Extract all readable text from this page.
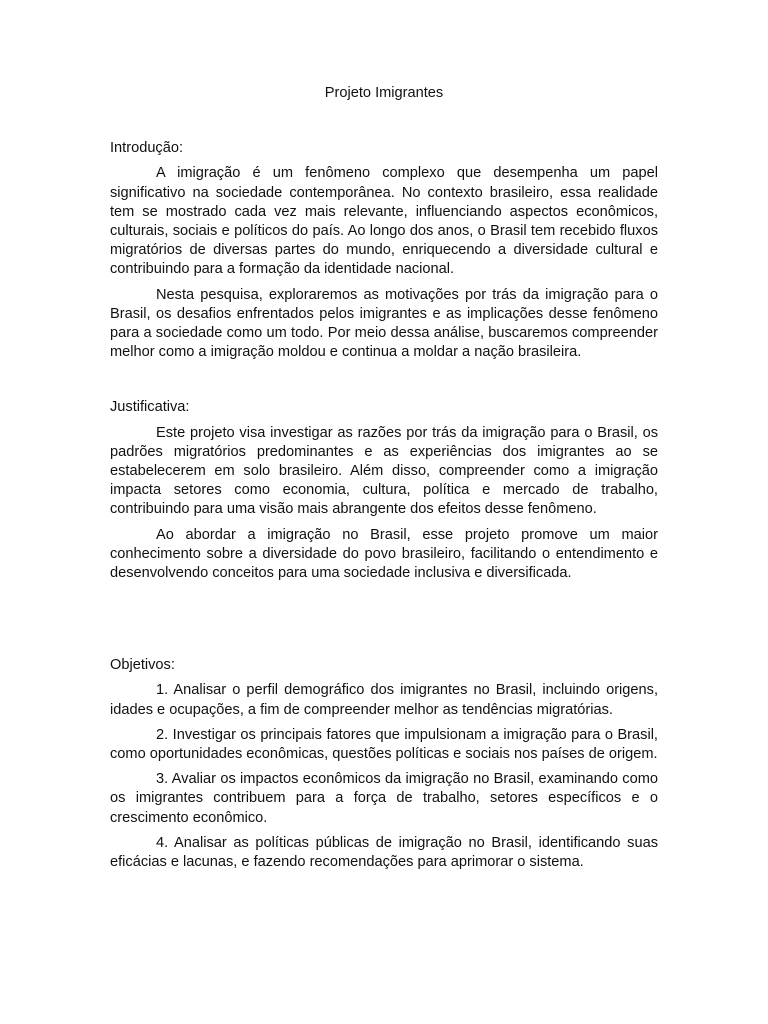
Projeto Imigrantes
Introdução:

A imigração é um fenômeno complexo que desempenha um papel significativo na sociedade contemporânea. No contexto brasileiro, essa realidade tem se mostrado cada vez mais relevante, influenciando aspectos econômicos, culturais, sociais e políticos do país. Ao longo dos anos, o Brasil tem recebido fluxos migratórios de diversas partes do mundo, enriquecendo a diversidade cultural e contribuindo para a formação da identidade nacional.

Nesta pesquisa, exploraremos as motivações por trás da imigração para o Brasil, os desafios enfrentados pelos imigrantes e as implicações desse fenômeno para a sociedade como um todo. Por meio dessa análise, buscaremos compreender melhor como a imigração moldou e continua a moldar a nação brasileira.

Justificativa:

Este projeto visa investigar as razões por trás da imigração para o Brasil, os padrões migratórios predominantes e as experiências dos imigrantes ao se estabelecerem em solo brasileiro. Além disso, compreender como a imigração impacta setores como economia, cultura, política e mercado de trabalho, contribuindo para uma visão mais abrangente dos efeitos desse fenômeno.

Ao abordar a imigração no Brasil, esse projeto promove um maior conhecimento sobre a diversidade do povo brasileiro, facilitando o entendimento e desenvolvendo conceitos para uma sociedade inclusiva e diversificada.

Objetivos:

1. Analisar o perfil demográfico dos imigrantes no Brasil, incluindo origens, idades e ocupações, a fim de compreender melhor as tendências migratórias.

2. Investigar os principais fatores que impulsionam a imigração para o Brasil, como oportunidades econômicas, questões políticas e sociais nos países de origem.

3. Avaliar os impactos econômicos da imigração no Brasil, examinando como os imigrantes contribuem para a força de trabalho, setores específicos e o crescimento econômico.

4. Analisar as políticas públicas de imigração no Brasil, identificando suas eficácias e lacunas, e fazendo recomendações para aprimorar o sistema.
